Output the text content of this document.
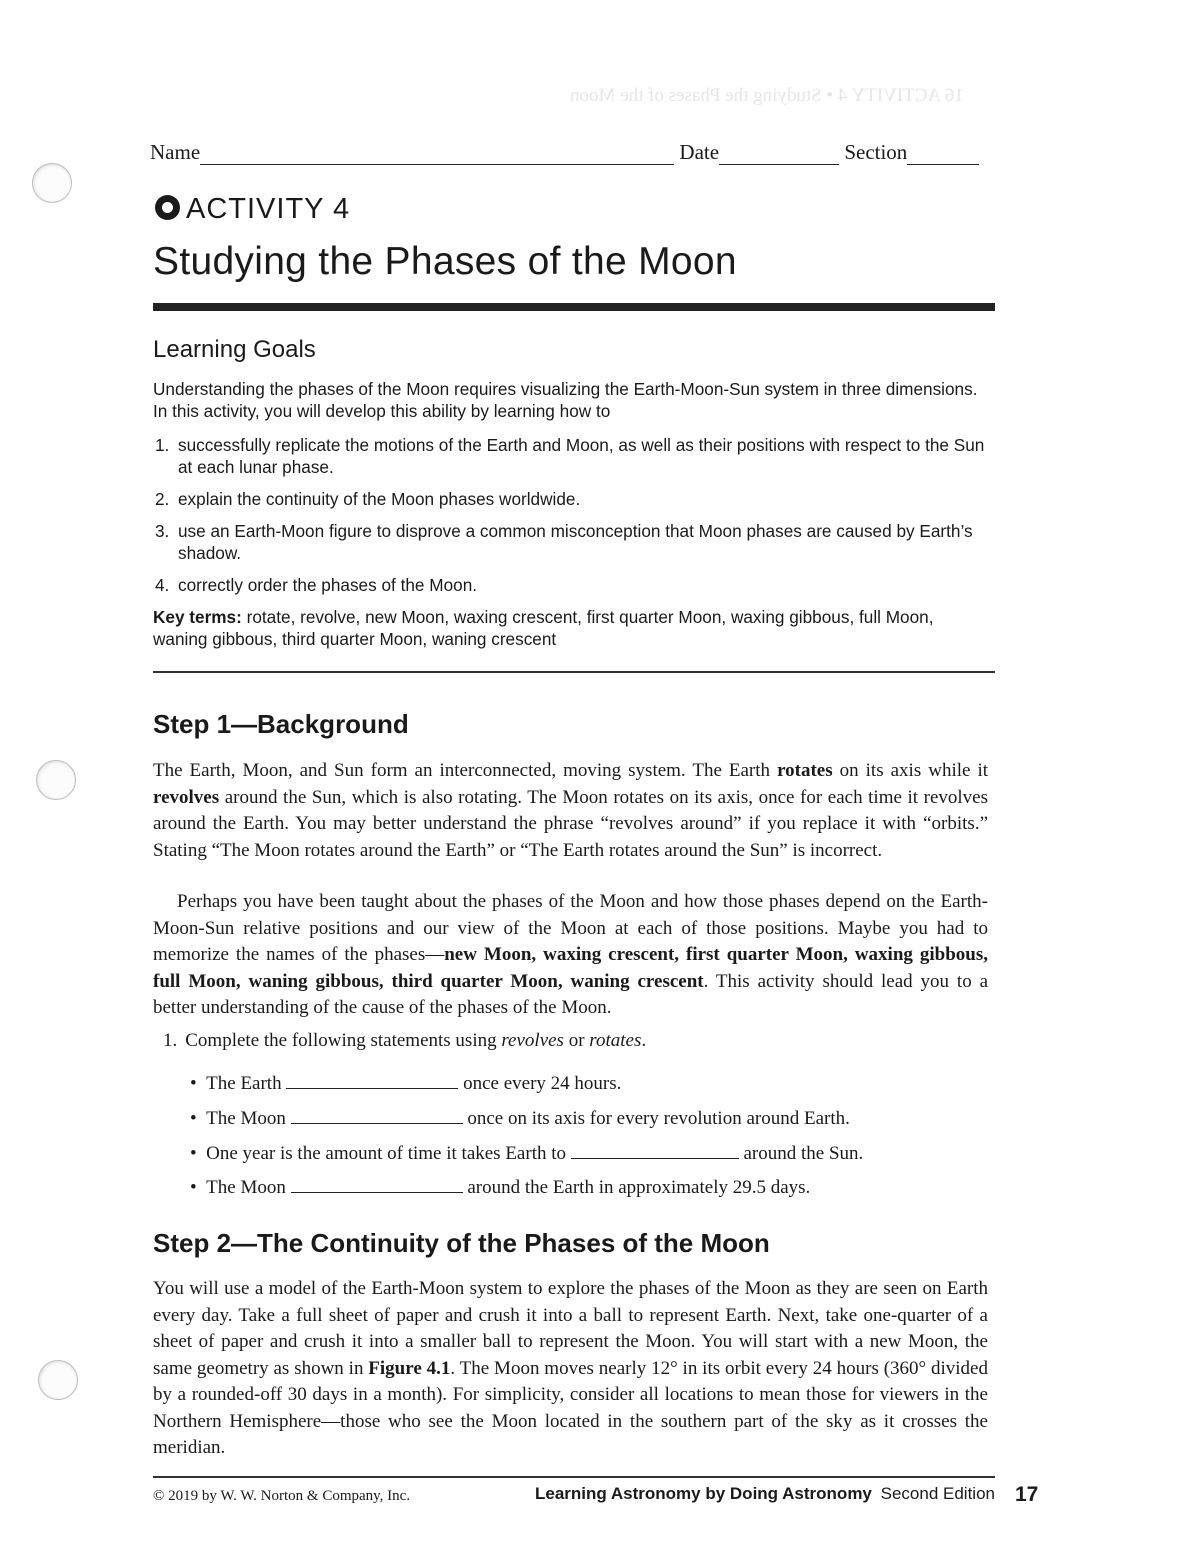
16 ACTIVITY 4 • Studying the Phases of the Moon
Name	Date	Section
ACTIVITY 4
Studying the Phases of the Moon
Learning Goals
Understanding the phases of the Moon requires visualizing the Earth-Moon-Sun system in three dimensions. In this activity, you will develop this ability by learning how to
1. successfully replicate the motions of the Earth and Moon, as well as their positions with respect to the Sun at each lunar phase.
2. explain the continuity of the Moon phases worldwide.
3. use an Earth-Moon figure to disprove a common misconception that Moon phases are caused by Earth’s shadow.
4. correctly order the phases of the Moon.
Key terms: rotate, revolve, new Moon, waxing crescent, first quarter Moon, waxing gibbous, full Moon, waning gibbous, third quarter Moon, waning crescent
Step 1—Background
The Earth, Moon, and Sun form an interconnected, moving system. The Earth rotates on its axis while it revolves around the Sun, which is also rotating. The Moon rotates on its axis, once for each time it revolves around the Earth. You may better understand the phrase “revolves around” if you replace it with “orbits.” Stating “The Moon rotates around the Earth” or “The Earth rotates around the Sun” is incorrect.
Perhaps you have been taught about the phases of the Moon and how those phases depend on the Earth-Moon-Sun relative positions and our view of the Moon at each of those positions. Maybe you had to memorize the names of the phases—new Moon, waxing crescent, first quarter Moon, waxing gibbous, full Moon, waning gibbous, third quarter Moon, waning crescent. This activity should lead you to a better understanding of the cause of the phases of the Moon.
1. Complete the following statements using revolves or rotates.
•  The Earth	once every 24 hours.
•  The Moon	once on its axis for every revolution around Earth.
•  One year is the amount of time it takes Earth to	around the Sun.
•  The Moon	around the Earth in approximately 29.5 days.
Step 2—The Continuity of the Phases of the Moon
You will use a model of the Earth-Moon system to explore the phases of the Moon as they are seen on Earth every day. Take a full sheet of paper and crush it into a ball to represent Earth. Next, take one-quarter of a sheet of paper and crush it into a smaller ball to represent the Moon. You will start with a new Moon, the same geometry as shown in Figure 4.1. The Moon moves nearly 12° in its orbit every 24 hours (360° divided by a rounded-off 30 days in a month). For simplicity, consider all locations to mean those for viewers in the Northern Hemisphere—those who see the Moon located in the southern part of the sky as it crosses the meridian.
© 2019 by W. W. Norton & Company, Inc.	Learning Astronomy by Doing Astronomy Second Edition 17
